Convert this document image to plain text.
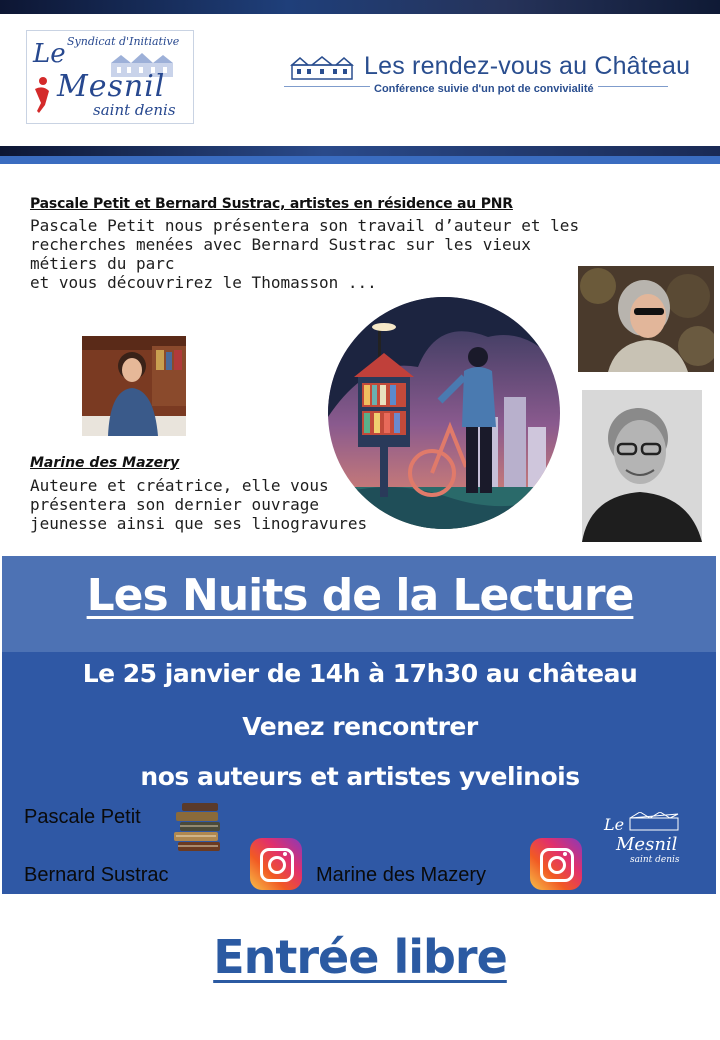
Syndicat d'Initiative
Le
Mesnil
saint denis
Les rendez-vous au Château
Conférence suivie d'un pot de convivialité
Pascale Petit et Bernard Sustrac, artistes en résidence au PNR
Pascale Petit nous présentera son travail d’auteur et les
recherches menées avec Bernard Sustrac sur les vieux
métiers du parc
et vous découvrirez le Thomasson ...
Marine des Mazery
Auteure et créatrice, elle vous
présentera son dernier ouvrage
jeunesse ainsi que ses linogravures
Les Nuits de la Lecture
Le 25 janvier de 14h à 17h30 au château
Venez rencontrer
nos auteurs et artistes yvelinois
Pascale Petit
Bernard Sustrac	Marine des Mazery
Le
Mesnil
saint denis
Entrée libre
